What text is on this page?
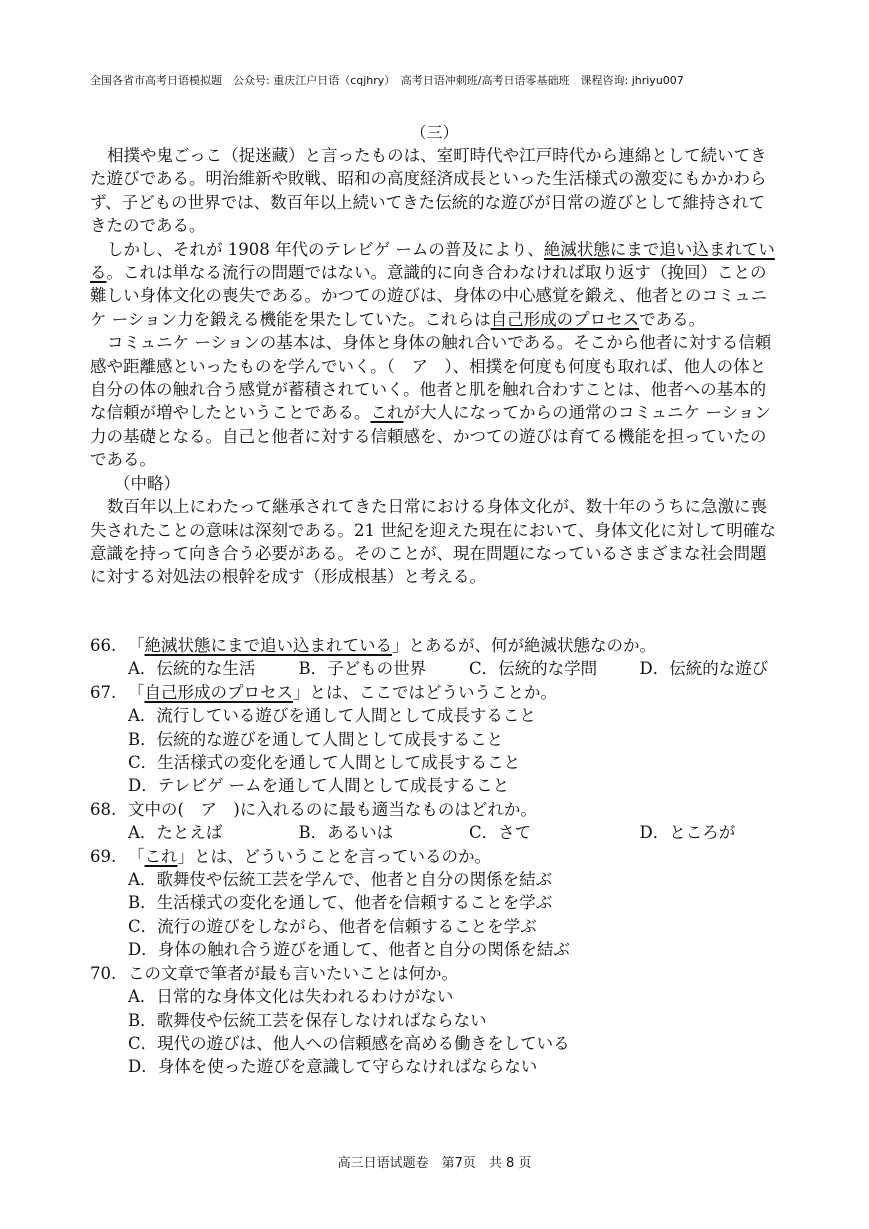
全国各省市高考日语模拟题　公众号: 重庆江户日语（cqjhry）　高考日语冲刺班/高考日语零基础班　课程咨询: jhriyu007
（三）

相撲や鬼ごっこ（捉迷藏）と言ったものは、室町時代や江戸時代から連綿として続いてきた遊びである。明治維新や敗戦、昭和の高度経済成長といった生活様式の激変にもかかわらず、子どもの世界では、数百年以上続いてきた伝統的な遊びが日常の遊びとして維持されてきたのである。

しかし、それが 1908 年代のテレビゲ ームの普及により、絶滅状態にまで追い込まれている。これは単なる流行の問題ではない。意識的に向き合わなければ取り返す（挽回）ことの難しい身体文化の喪失である。かつての遊びは、身体の中心感覚を鍛え、他者とのコミュニケ ーション力を鍛える機能を果たしていた。これらは自己形成のプロセスである。

コミュニケ ーションの基本は、身体と身体の触れ合いである。そこから他者に対する信頼感や距離感といったものを学んでいく。（　ア　）、相撲を何度も何度も取れば、他人の体と自分の体の触れ合う感覚が蓄積されていく。他者と肌を触れ合わすことは、他者への基本的な信頼が増やしたということである。これが大人になってからの通常のコミュニケ ーション力の基礎となる。自己と他者に対する信頼感を、かつての遊びは育てる機能を担っていたのである。

（中略）

数百年以上にわたって継承されてきた日常における身体文化が、数十年のうちに急激に喪失されたことの意味は深刻である。21 世紀を迎えた現在において、身体文化に対して明確な意識を持って向き合う必要がある。そのことが、現在問題になっているさまざまな社会問題に対する対処法の根幹を成す（形成根基）と考える。

66. 「絶滅状態にまで追い込まれている」とあるが、何が絶滅状態なのか。
A．伝統的な生活	B．子どもの世界	C．伝統的な学問	D．伝統的な遊び
67. 「自己形成のプロセス」とは、ここではどういうことか。
A．流行している遊びを通して人間として成長すること
B．伝統的な遊びを通して人間として成長すること
C．生活様式の変化を通して人間として成長すること
D．テレビゲ ームを通して人間として成長すること
68. 文中の(　ア　)に入れるのに最も適当なものはどれか。
A．たとえば	B．あるいは	C．さて	D．ところが
69. 「これ」とは、どういうことを言っているのか。
A．歌舞伎や伝統工芸を学んで、他者と自分の関係を結ぶ
B．生活様式の変化を通して、他者を信頼することを学ぶ
C．流行の遊びをしながら、他者を信頼することを学ぶ
D．身体の触れ合う遊びを通して、他者と自分の関係を結ぶ
70. この文章で筆者が最も言いたいことは何か。
A．日常的な身体文化は失われるわけがない
B．歌舞伎や伝統工芸を保存しなければならない
C．現代の遊びは、他人への信頼感を高める働きをしている
D．身体を使った遊びを意識して守らなければならない
高三日语试题卷　第7页　共 8 页
